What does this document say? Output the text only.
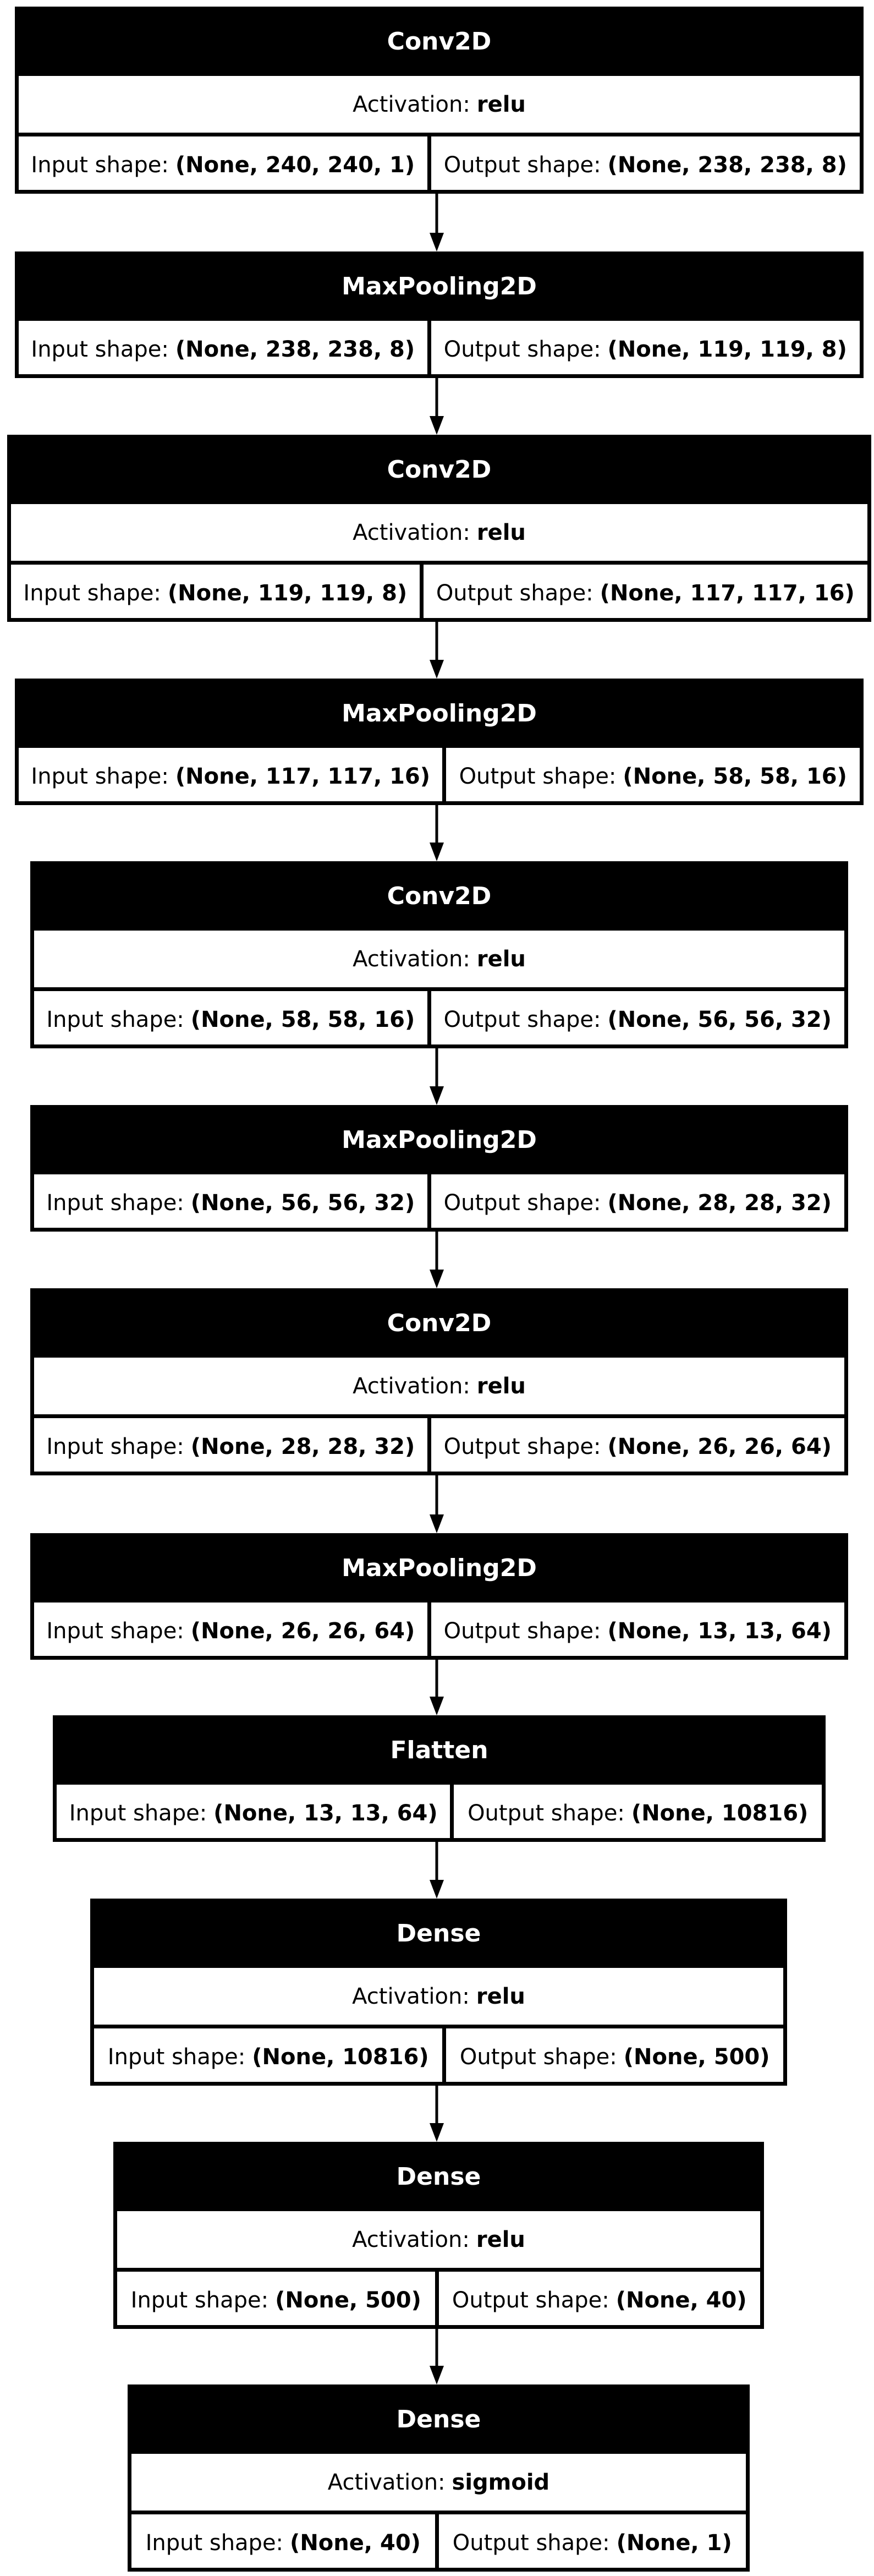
Conv2D
Activation: relu
Input shape: (None, 240, 240, 1) Output shape: (None, 238, 238, 8)
MaxPooling2D
Input shape: (None, 238, 238, 8) Output shape: (None, 119, 119, 8)
Conv2D
Activation: relu
Input shape: (None, 119, 119, 8) Output shape: (None, 117, 117, 16)
MaxPooling2D
Input shape: (None, 117, 117, 16) Output shape: (None, 58, 58, 16)
Conv2D
Activation: relu
Input shape: (None, 58, 58, 16) Output shape: (None, 56, 56, 32)
MaxPooling2D
Input shape: (None, 56, 56, 32) Output shape: (None, 28, 28, 32)
Conv2D
Activation: relu
Input shape: (None, 28, 28, 32) Output shape: (None, 26, 26, 64)
MaxPooling2D
Input shape: (None, 26, 26, 64) Output shape: (None, 13, 13, 64)
Flatten
Input shape: (None, 13, 13, 64) Output shape: (None, 10816)
Dense
Activation: relu
Input shape: (None, 10816) Output shape: (None, 500)
Dense
Activation: relu
Input shape: (None, 500) Output shape: (None, 40)
Dense
Activation: sigmoid
Input shape: (None, 40) Output shape: (None, 1)
